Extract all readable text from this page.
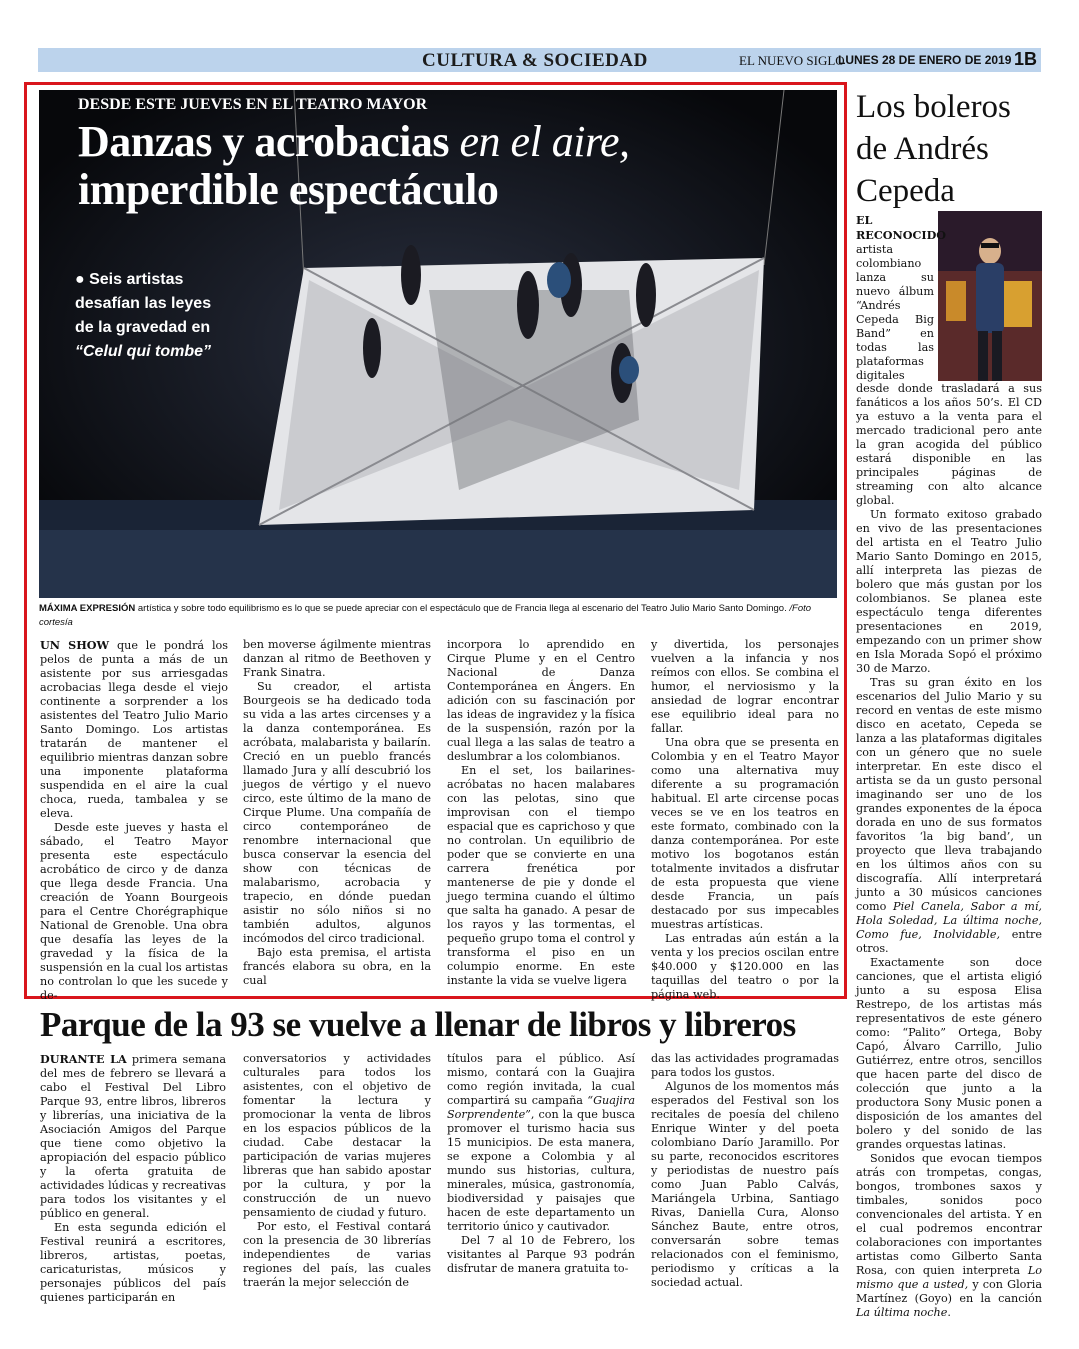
CULTURA & SOCIEDAD	EL NUEVO SIGLO
LUNES 28 DE ENERO DE 2019 1B
DESDE ESTE JUEVES EN EL TEATRO MAYOR
Danzas y acrobacias en el aire,
imperdible espectáculo
● Seis artistas desafían las leyes de la gravedad en “Celul qui tombe”
MÁXIMA EXPRESIÓN artística y sobre todo equilibrismo es lo que se puede apreciar con el espectáculo que de Francia llega al escenario del Teatro Julio Mario Santo Domingo. /Foto cortesía

UN SHOW que le pondrá los pelos de punta a más de un asistente por sus arriesgadas acrobacias llega desde el viejo continente a sorprender a los asistentes del Teatro Julio Mario Santo Domingo. Los artistas tratarán de mantener el equilibrio mientras danzan sobre una imponente plataforma suspendida en el aire la cual choca, rueda, tambalea y se eleva.

Desde este jueves y hasta el sábado, el Teatro Mayor presenta este espectáculo acrobático de circo y de danza que llega desde Francia. Una creación de Yoann Bourgeois para el Centre Chorégraphique National de Grenoble. Una obra que desafía las leyes de la gravedad y la física de la suspensión en la cual los artistas no controlan lo que les sucede y de-

ben moverse ágilmente mientras danzan al ritmo de Beethoven y Frank Sinatra.

Su creador, el artista Bourgeois se ha dedicado toda su vida a las artes circenses y a la danza contemporánea. Es acróbata, malabarista y bailarín. Creció en un pueblo francés llamado Jura y allí descubrió los juegos de vértigo y el nuevo circo, este último de la mano de Cirque Plume. Una compañía de circo contemporáneo de renombre internacional que busca conservar la esencia del show con técnicas de malabarismo, acrobacia y trapecio, en dónde puedan asistir no sólo niños si no también adultos, algunos incómodos del circo tradicional.

Bajo esta premisa, el artista francés elabora su obra, en la cual

incorpora lo aprendido en Cirque Plume y en el Centro Nacional de Danza Contemporánea en Ángers. En adición con su fascinación por las ideas de ingravidez y la física de la suspensión, razón por la cual llega a las salas de teatro a deslumbrar a los colombianos.

En el set, los bailarines-acróbatas no hacen malabares con las pelotas, sino que improvisan con el tiempo espacial que es caprichoso y que no controlan. Un equilibrio de poder que se convierte en una carrera frenética por mantenerse de pie y donde el juego termina cuando el último que salta ha ganado. A pesar de los rayos y las tormentas, el pequeño grupo toma el control y transforma el piso en un columpio enorme. En este instante la vida se vuelve ligera

y divertida, los personajes vuelven a la infancia y nos reímos con ellos. Se combina el humor, el nerviosismo y la ansiedad de lograr encontrar ese equilibrio ideal para no fallar.

Una obra que se presenta en Colombia y en el Teatro Mayor como una alternativa muy diferente a su programación habitual. El arte circense pocas veces se ve en los teatros en este formato, combinado con la danza contemporánea. Por este motivo los bogotanos están totalmente invitados a disfrutar de esta propuesta que viene desde Francia, un país destacado por sus impecables muestras artísticas.

Las entradas aún están a la venta y los precios oscilan entre $40.000 y $120.000 en las taquillas del teatro o por la página web.

Los boleros de Andrés Cepeda

EL RECONOCIDO artista colombiano lanza su nuevo álbum “Andrés Cepeda Big Band” en todas las plataformas digitales

desde donde trasladará a sus fanáticos a los años 50’s. El CD ya estuvo a la venta para el mercado tradicional pero ante la gran acogida del público estará disponible en las principales páginas de streaming con alto alcance global.

Un formato exitoso grabado en vivo de las presentaciones del artista en el Teatro Julio Mario Santo Domingo en 2015, allí interpreta las piezas de bolero que más gustan por los colombianos. Se planea este espectáculo tenga diferentes presentaciones en 2019, empezando con un primer show en Isla Morada Sopó el próximo 30 de Marzo.

Tras su gran éxito en los escenarios del Julio Mario y su record en ventas de este mismo disco en acetato, Cepeda se lanza a las plataformas digitales con un género que no suele interpretar. En este disco el artista se da un gusto personal imaginando ser uno de los grandes exponentes de la época dorada en uno de sus formatos favoritos ‘la big band’, un proyecto que lleva trabajando en los últimos años con su discografía. Allí interpretará junto a 30 músicos canciones como Piel Canela, Sabor a mí, Hola Soledad, La última noche, Como fue, Inolvidable, entre otros.

Exactamente son doce canciones, que el artista eligió junto a su esposa Elisa Restrepo, de los artistas más representativos de este género como: “Palito” Ortega, Boby Capó, Álvaro Carrillo, Julio Gutiérrez, entre otros, sencillos que hacen parte del disco de colección que junto a la productora Sony Music ponen a disposición de los amantes del bolero y del sonido de las grandes orquestas latinas.

Sonidos que evocan tiempos atrás con trompetas, congas, bongos, trombones saxos y timbales, sonidos poco convencionales del artista. Y en el cual podremos encontrar colaboraciones con importantes artistas como Gilberto Santa Rosa, con quien interpreta Lo mismo que a usted, y con Gloria Martínez (Goyo) en la canción La última noche.

Parque de la 93 se vuelve a llenar de libros y libreros

DURANTE LA primera semana del mes de febrero se llevará a cabo el Festival Del Libro Parque 93, entre libros, libreros y librerías, una iniciativa de la Asociación Amigos del Parque que tiene como objetivo la apropiación del espacio público y la oferta gratuita de actividades lúdicas y recreativas para todos los visitantes y el público en general.

En esta segunda edición el Festival reunirá a escritores, libreros, artistas, poetas, caricaturistas, músicos y personajes públicos del país quienes participarán en

conversatorios y actividades culturales para todos los asistentes, con el objetivo de fomentar la lectura y promocionar la venta de libros en los espacios públicos de la ciudad. Cabe destacar la participación de varias mujeres libreras que han sabido apostar por la cultura, y por la construcción de un nuevo pensamiento de ciudad y futuro.

Por esto, el Festival contará con la presencia de 30 librerías independientes de varias regiones del país, las cuales traerán la mejor selección de

títulos para el público. Así mismo, contará con la Guajira como región invitada, la cual compartirá su campaña “Guajira Sorprendente”, con la que busca promover el turismo hacia sus 15 municipios. De esta manera, se expone a Colombia y al mundo sus historias, cultura, minerales, música, gastronomía, biodiversidad y paisajes que hacen de este departamento un territorio único y cautivador.

Del 7 al 10 de Febrero, los visitantes al Parque 93 podrán disfrutar de manera gratuita to-

das las actividades programadas para todos los gustos.

Algunos de los momentos más esperados del Festival son los recitales de poesía del chileno Enrique Winter y del poeta colombiano Darío Jaramillo. Por su parte, reconocidos escritores y periodistas de nuestro país como Juan Pablo Calvás, Mariángela Urbina, Santiago Rivas, Daniella Cura, Alonso Sánchez Baute, entre otros, conversarán sobre temas relacionados con el feminismo, periodismo y críticas a la sociedad actual.
